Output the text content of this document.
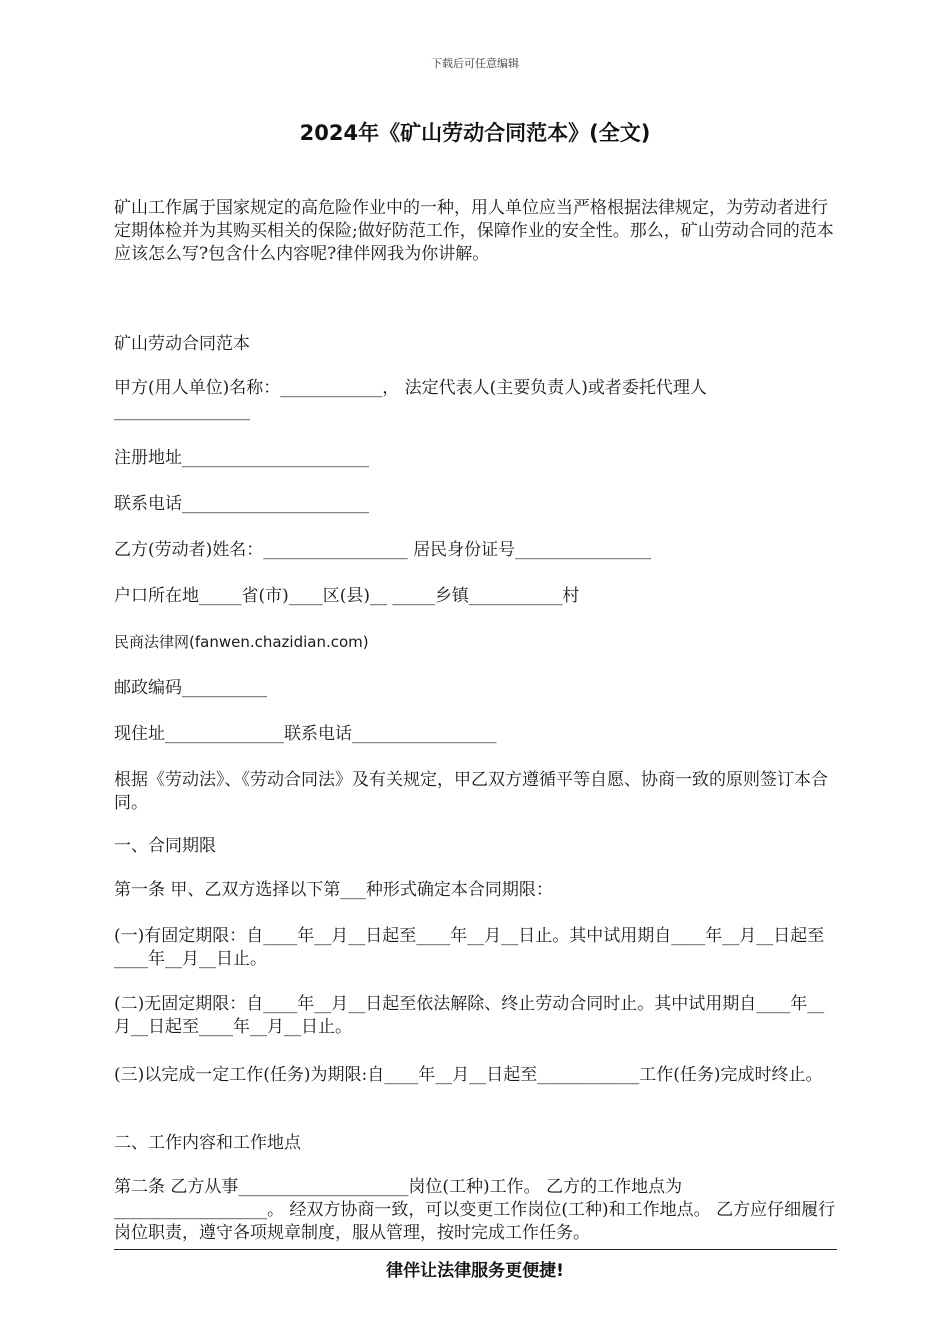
下载后可任意编辑
2024年《矿山劳动合同范本》(全文)

矿山工作属于国家规定的高危险作业中的一种，用人单位应当严格根据法律规定，为劳动者进行定期体检并为其购买相关的保险;做好防范工作，保障作业的安全性。那么，矿山劳动合同的范本应该怎么写?包含什么内容呢?律伴网我为你讲解。

矿山劳动合同范本

甲方(用人单位)名称：____________， 法定代表人(主要负责人)或者委托代理人________________

注册地址______________________

联系电话______________________

乙方(劳动者)姓名：_________________ 居民身份证号________________

户口所在地_____省(市)____区(县)__ _____乡镇___________村

民商法律网(fanwen.chazidian.com)

邮政编码__________

现住址______________联系电话_________________

根据《劳动法》、《劳动合同法》及有关规定，甲乙双方遵循平等自愿、协商一致的原则签订本合同。

一、合同期限

第一条 甲、乙双方选择以下第___种形式确定本合同期限：

(一)有固定期限：自____年__月__日起至____年__月__日止。其中试用期自____年__月__日起至____年__月__日止。

(二)无固定期限：自____年__月__日起至依法解除、终止劳动合同时止。其中试用期自____年__月__日起至____年__月__日止。

(三)以完成一定工作(任务)为期限:自____年__月__日起至____________工作(任务)完成时终止。

二、工作内容和工作地点

第二条 乙方从事____________________岗位(工种)工作。 乙方的工作地点为__________________。 经双方协商一致，可以变更工作岗位(工种)和工作地点。 乙方应仔细履行岗位职责，遵守各项规章制度，服从管理，按时完成工作任务。

律伴让法律服务更便捷!
